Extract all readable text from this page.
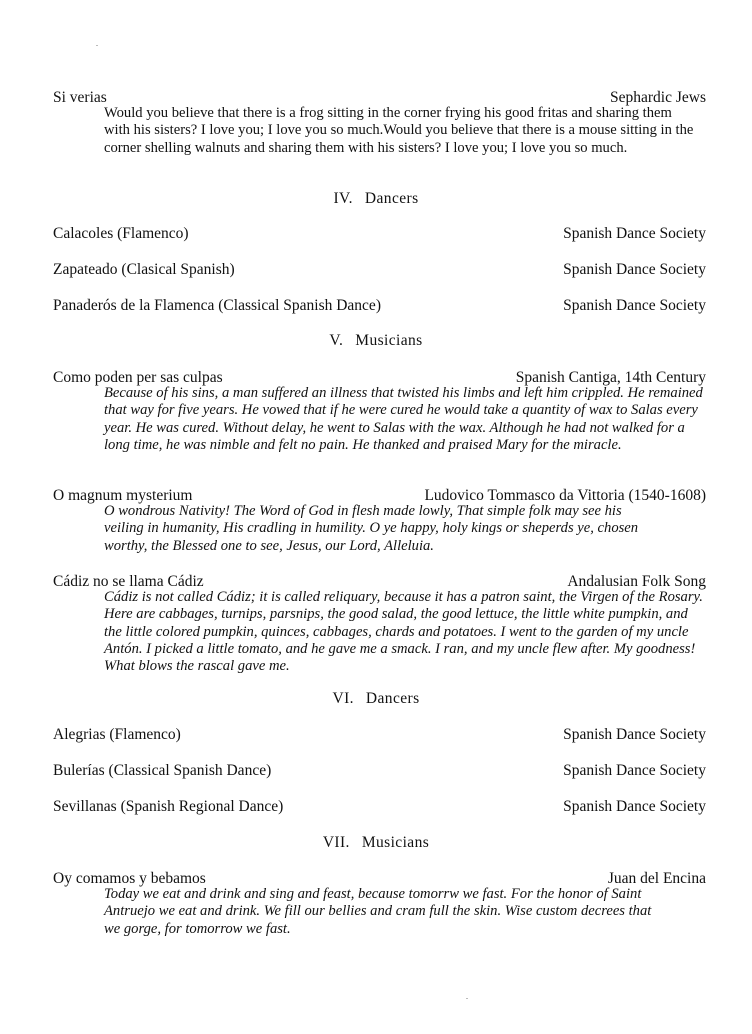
Si verias	Sephardic Jews

Would you believe that there is a frog sitting in the corner frying his good fritas and sharing them with his sisters? I love you; I love you so much.Would you believe that there is a mouse sitting in the corner shelling walnuts and sharing them with his sisters? I love you; I love you so much.

IV. Dancers
Calacoles (Flamenco)	Spanish Dance Society
Zapateado (Clasical Spanish)	Spanish Dance Society
Panaderós de la Flamenca (Classical Spanish Dance)	Spanish Dance Society
V. Musicians
Como poden per sas culpas	Spanish Cantiga, 14th Century

Because of his sins, a man suffered an illness that twisted his limbs and left him crippled. He remained that way for five years. He vowed that if he were cured he would take a quantity of wax to Salas every year. He was cured. Without delay, he went to Salas with the wax. Although he had not walked for a long time, he was nimble and felt no pain. He thanked and praised Mary for the miracle.

O magnum mysterium	Ludovico Tommasco da Vittoria (1540-1608)

O wondrous Nativity! The Word of God in flesh made lowly, That simple folk may see his veiling in humanity, His cradling in humility. O ye happy, holy kings or sheperds ye, chosen worthy, the Blessed one to see, Jesus, our Lord, Alleluia.

Cádiz no se llama Cádiz	Andalusian Folk Song

Cádiz is not called Cádiz; it is called reliquary, because it has a patron saint, the Virgen of the Rosary. Here are cabbages, turnips, parsnips, the good salad, the good lettuce, the little white pumpkin, and the little colored pumpkin, quinces, cabbages, chards and potatoes. I went to the garden of my uncle Antón. I picked a little tomato, and he gave me a smack. I ran, and my uncle flew after. My goodness! What blows the rascal gave me.

VI. Dancers
Alegrias (Flamenco)	Spanish Dance Society
Bulerías (Classical Spanish Dance)	Spanish Dance Society
Sevillanas (Spanish Regional Dance)	Spanish Dance Society
VII. Musicians
Oy comamos y bebamos	Juan del Encina

Today we eat and drink and sing and feast, because tomorrw we fast. For the honor of Saint Antruejo we eat and drink. We fill our bellies and cram full the skin. Wise custom decrees that we gorge, for tomorrow we fast.
